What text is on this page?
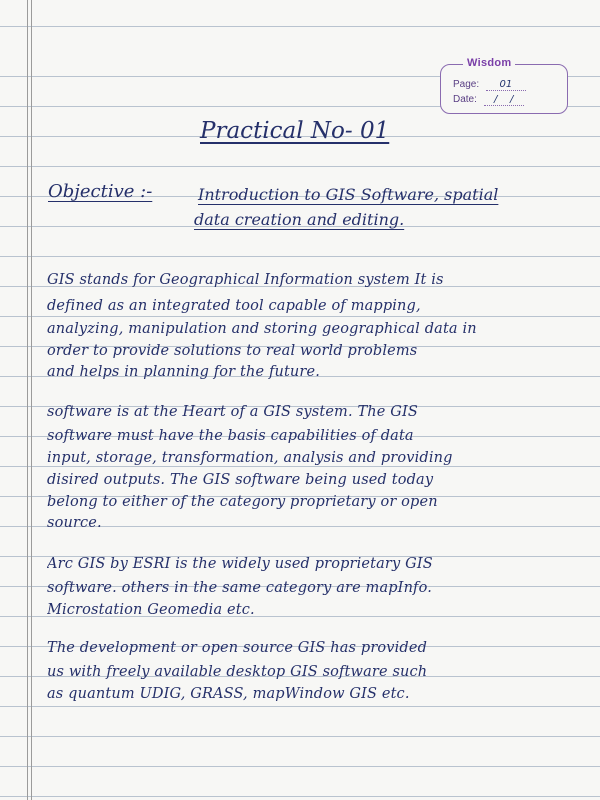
Wisdom
Page: 01
Date: /    /
Practical No- 01
Objective :-	Introduction to GIS Software, spatial
data creation and editing.
GIS stands for Geographical Information system It is
defined as an integrated tool capable of mapping,
analyzing, manipulation and storing geographical data in
order to provide solutions to real world problems
and helps in planning for the future.
software is at the Heart of a GIS system. The GIS
software must have the basis capabilities of data
input, storage, transformation, analysis and providing
disired outputs. The GIS software being used today
belong to either of the category proprietary or open
source.
Arc GIS by ESRI is the widely used proprietary GIS
software. others in the same category are mapInfo.
Microstation Geomedia etc.
The development or open source GIS has provided
us with freely available desktop GIS software such
as quantum UDIG, GRASS, mapWindow GIS etc.
